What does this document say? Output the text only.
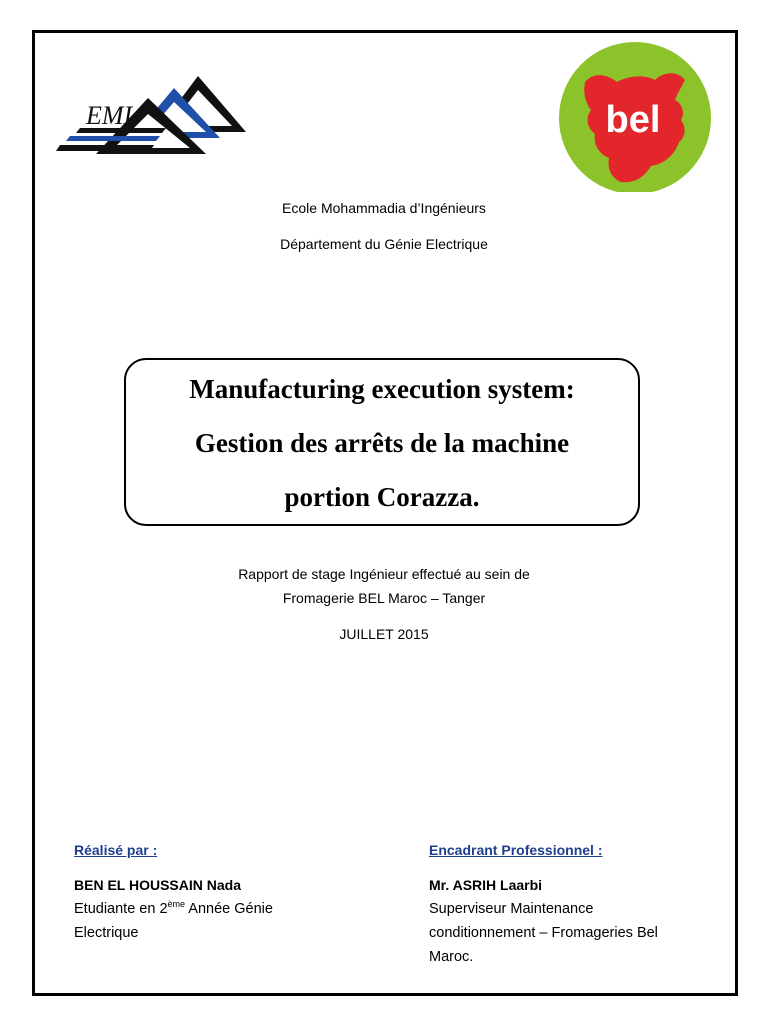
EMI	bel
Ecole Mohammadia d’Ingénieurs
Département du Génie Electrique
Manufacturing execution system:
Gestion des arrêts de la machine
portion Corazza.
Rapport de stage Ingénieur effectué au sein de
Fromagerie BEL Maroc – Tanger
JUILLET 2015
Réalisé par :
BEN EL HOUSSAIN Nada
Etudiante en 2ème Année Génie
Electrique
Encadrant Professionnel :
Mr. ASRIH Laarbi
Superviseur Maintenance
conditionnement – Fromageries Bel
Maroc.
